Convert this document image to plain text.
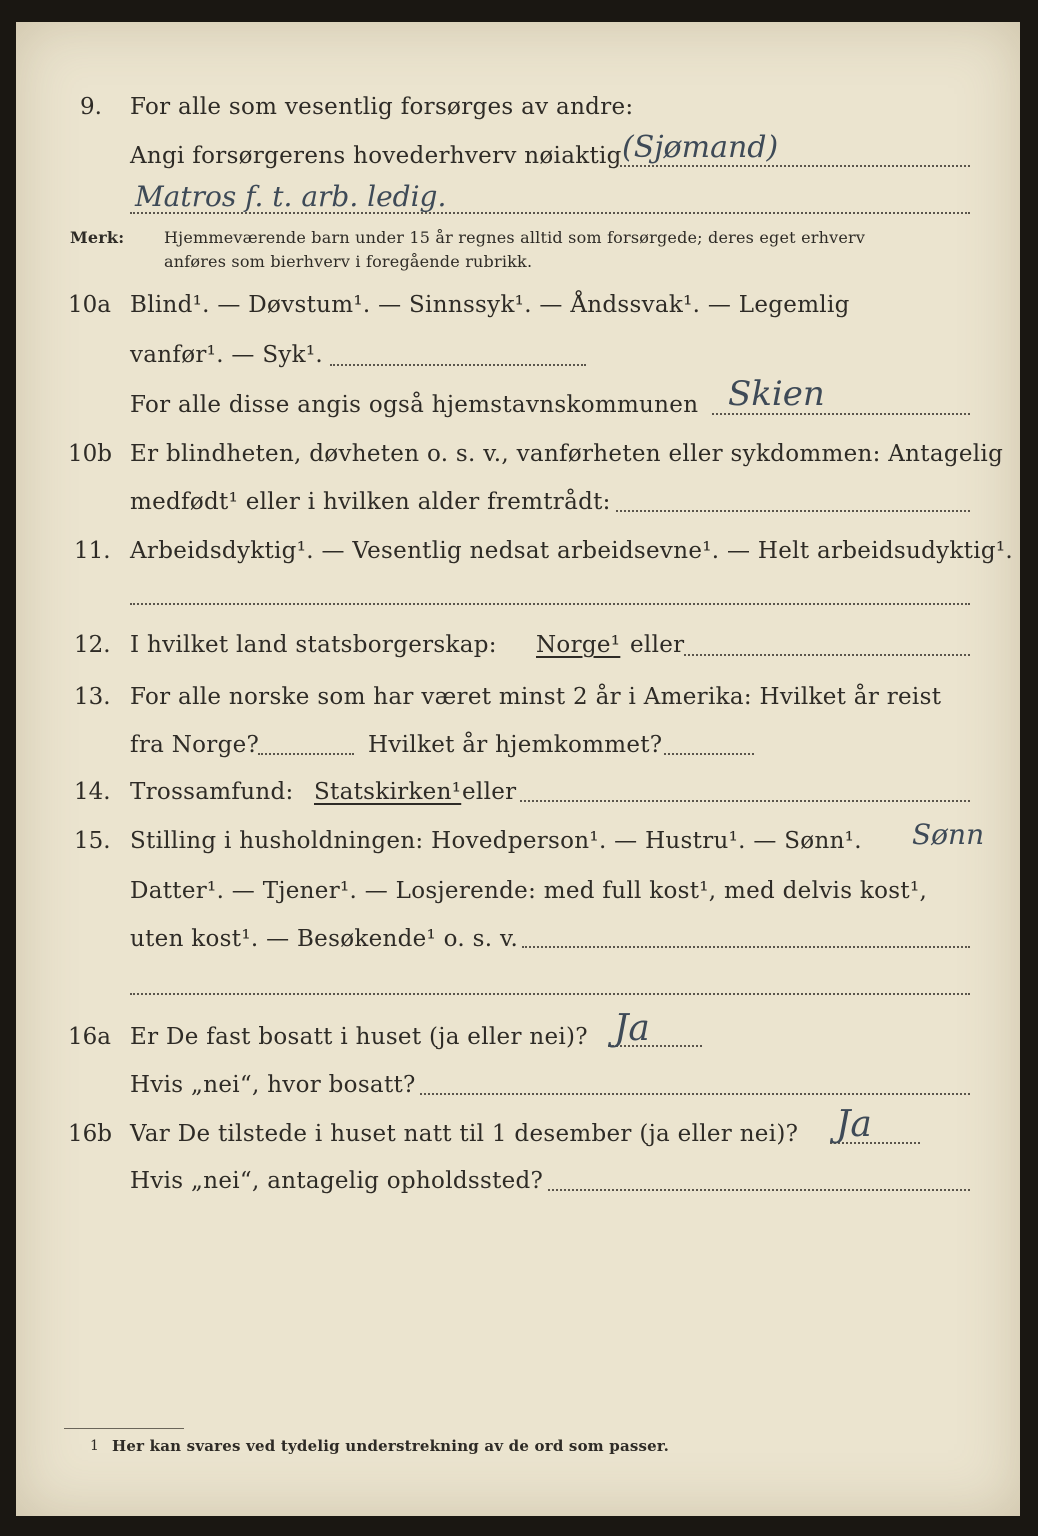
9. For alle som vesentlig forsørges av andre:
Angi forsørgerens hovederhverv nøiaktig (Sjømand)
Matros f. t. arb. ledig.
Merk: Hjemmeværende barn under 15 år regnes alltid som forsørgede; deres eget erhverv
anføres som bierhverv i foregående rubrikk.
10a Blind¹. — Døvstum¹. — Sinnssyk¹. — Åndssvak¹. — Legemlig
vanfør¹. — Syk¹.
For alle disse angis også hjemstavnskommunen Skien
10b Er blindheten, døvheten o. s. v., vanførheten eller sykdommen: Antagelig
medfødt¹ eller i hvilken alder fremtrådt:
11. Arbeidsdyktig¹. — Vesentlig nedsat arbeidsevne¹. — Helt arbeidsudyktig¹.
12. I hvilket land statsborgerskap: Norge¹ eller
13. For alle norske som har været minst 2 år i Amerika: Hvilket år reist
fra Norge?	Hvilket år hjemkommet?
14. Trossamfund: Statskirken¹ eller
15. Stilling i husholdningen: Hovedperson¹. — Hustru¹. — Sønn¹. Sønn
Datter¹. — Tjener¹. — Losjerende: med full kost¹, med delvis kost¹,
uten kost¹. — Besøkende¹ o. s. v.
16a Er De fast bosatt i huset (ja eller nei)? Ja
Hvis „nei“, hvor bosatt?
16b Var De tilstede i huset natt til 1 desember (ja eller nei)? Ja
Hvis „nei“, antagelig opholdssted?
1 Her kan svares ved tydelig understrekning av de ord som passer.
